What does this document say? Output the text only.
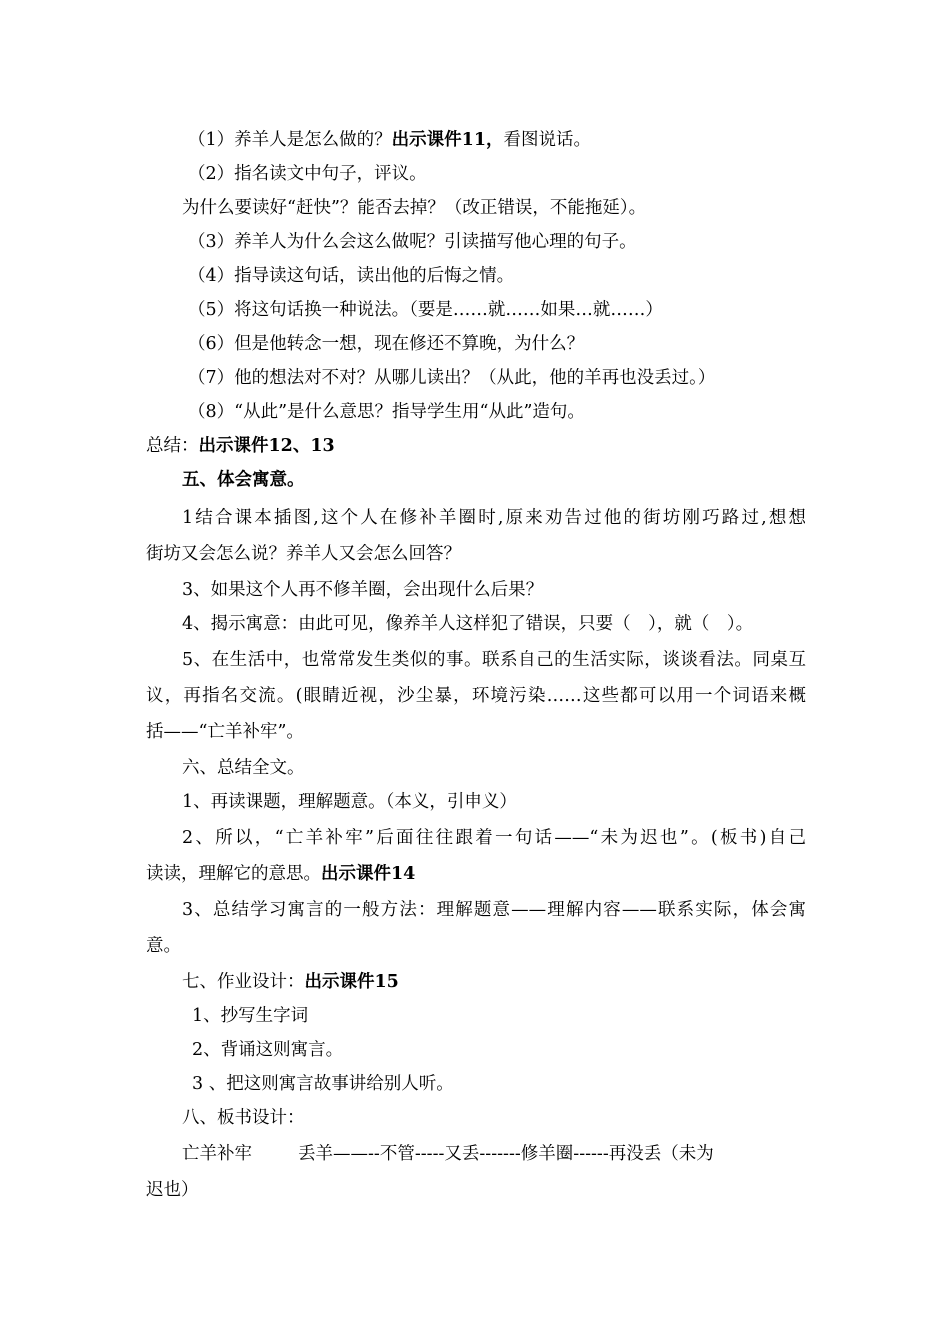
（1）养羊人是怎么做的？出示课件11，看图说话。
（2）指名读文中句子，评议。
为什么要读好“赶快”？能否去掉？（改正错误，不能拖延）。
（3）养羊人为什么会这么做呢？引读描写他心理的句子。
（4）指导读这句话，读出他的后悔之情。
（5）将这句话换一种说法。（要是……就……如果…就……）
（6）但是他转念一想，现在修还不算晚，为什么？
（7）他的想法对不对？从哪儿读出？（从此，他的羊再也没丢过。）
（8）“从此”是什么意思？指导学生用“从此”造句。
总结：出示课件12、13
五、体会寓意。
1结合课本插图,这个人在修补羊圈时,原来劝告过他的街坊刚巧路过,想想
街坊又会怎么说？养羊人又会怎么回答？
3、如果这个人再不修羊圈，会出现什么后果？
4、揭示寓意：由此可见，像养羊人这样犯了错误，只要（　），就（　）。
5、在生活中，也常常发生类似的事。联系自己的生活实际，谈谈看法。同桌互
议，再指名交流。(眼睛近视，沙尘暴，环境污染……这些都可以用一个词语来概
括——“亡羊补牢”。
六、总结全文。
1、再读课题，理解题意。（本义，引申义）
2、所以，“亡羊补牢”后面往往跟着一句话——“未为迟也”。(板书)自己
读读，理解它的意思。出示课件14
3、总结学习寓言的一般方法：理解题意——理解内容——联系实际，体会寓
意。
七、作业设计：出示课件15
1、抄写生字词
2、背诵这则寓言。
3 、把这则寓言故事讲给别人听。
八、板书设计：
亡羊补牢	丢羊——--不管-----又丢-------修羊圈------再没丢（未为
迟也）
